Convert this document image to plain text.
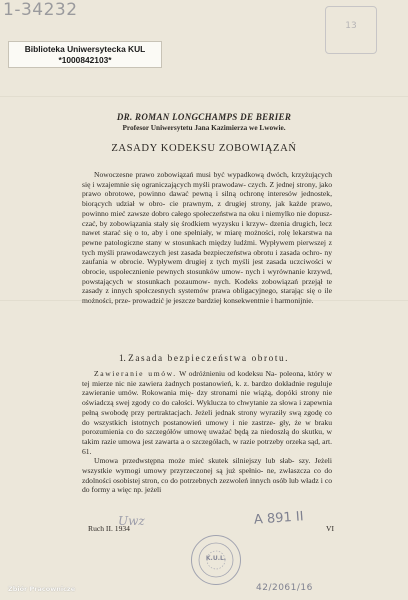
1-34232
Biblioteka Uniwersytecka KUL
*1000842103*
13
DR. ROMAN LONGCHAMPS DE BERIER
Profesor Uniwersytetu Jana Kazimierza we Lwowie.
ZASADY KODEKSU ZOBOWIĄZAŃ

Nowoczesne prawo zobowiązań musi być wypadkową dwóch, krzyżujących się i wzajemnie się ograniczających myśli prawodaw- czych. Z jednej strony, jako prawo obrotowe, powinno dawać pewną i silną ochronę interesów jednostek, biorących udział w obro- cie prawnym, z drugiej strony, jak każde prawo, powinno mieć zawsze dobro całego społeczeństwa na oku i niemylko nie dopusz- czać, by zobowiązania stały się środkiem wyzysku i krzyw- dzenia drugich, lecz nawet starać się o to, aby i one spełniały, w miarę możności, rolę lekarstwa na pewne patologiczne stany w stosunkach między ludźmi. Wypływem pierwszej z tych myśli prawodawczych jest zasada bezpieczeństwa obrotu i zasada ochro- ny zaufania w obrocie. Wypływem drugiej z tych myśli jest zasada uczciwości w obrocie, uspołecznienie pewnych stosunków umow- nych i wyrównanie krzywd, powstających w stosunkach pozaumow- nych. Kodeks zobowiązań przejął te zasady z innych społczesnych systemów prawa obligacyjnego, starając się o ile możności, prze- prowadzić je jeszcze bardziej konsekwentnie i harmonijnie.

1. Zasada bezpieczeństwa obrotu.

Zawieranie umów. W odróżnieniu od kodeksu Na- poleona, który w tej mierze nic nie zawiera żadnych postanowień, k. z. bardzo dokładnie reguluje zawieranie umów. Rokowania mię- dzy stronami nie wiążą, dopóki strony nie oświadczą swej zgody co do całości. Wyklucza to chwytanie za słowa i zapewnia pełną swobodę przy pertraktacjach. Jeżeli jednak strony wyraziły swą zgodę co do wszystkich istotnych postanowień umowy i nie zastrze- gły, że w braku porozumienia co do szczegółów umowę uważać będą za niedoszłą do skutku, w takim razie umowa jest zawarta a o szczegółach, w razie potrzeby orzeka sąd, art. 61.

Umowa przedwstępna może mieć skutek silniejszy lub słab- szy. Jeżeli wszystkie wymogi umowy przyrzeczonej są już spełnio- ne, zwłaszcza co do zdolności osobistej stron, co do potrzebnych zezwoleń innych osób lub władz i co do formy a więc np. jeżeli

Uwz
Ruch II. 1934
A 891 II
VI
K.U.L.
42/2061/16
Zbiór Pracownicze
